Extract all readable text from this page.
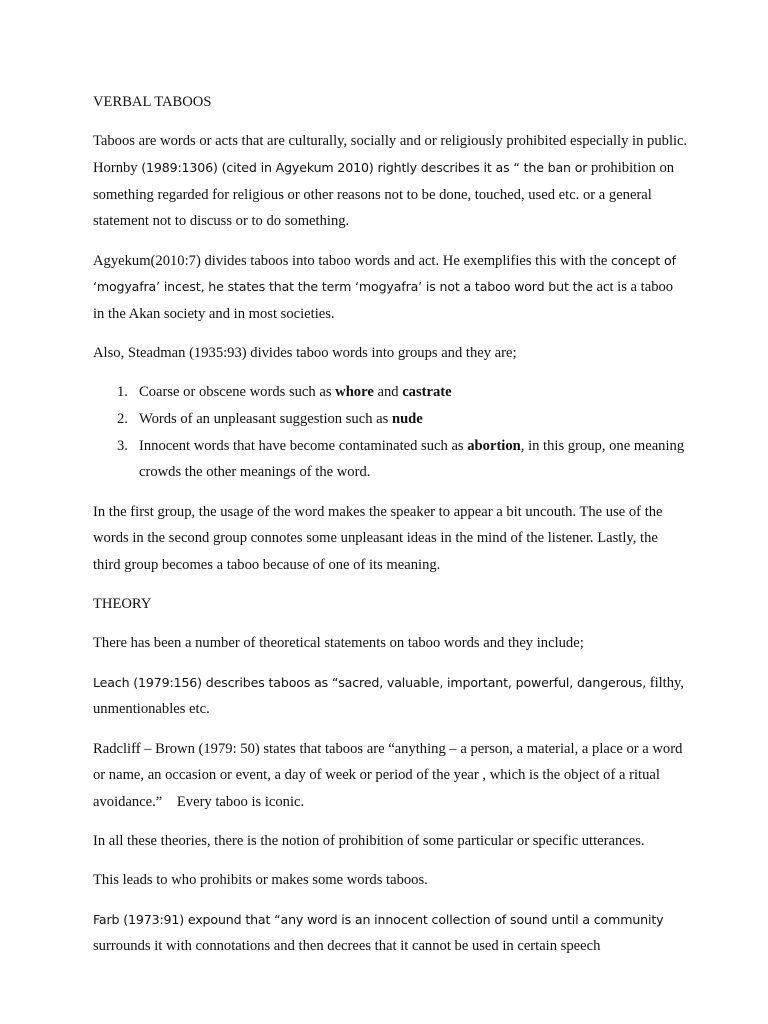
VERBAL TABOOS

Taboos are words or acts that are culturally, socially and or religiously prohibited especially in public. Hornby (1989:1306) (cited in Agyekum 2010) rightly describes it as “ the ban or prohibition on something regarded for religious or other reasons not to be done, touched, used etc. or a general statement not to discuss or to do something.

Agyekum(2010:7) divides taboos into taboo words and act. He exemplifies this with the concept of ‘mogyafra’ incest, he states that the term ‘mogyafra’ is not a taboo word but the act is a taboo in the Akan society and in most societies.

Also, Steadman (1935:93) divides taboo words into groups and they are;

1. Coarse or obscene words such as whore and castrate
2. Words of an unpleasant suggestion such as nude
3. Innocent words that have become contaminated such as abortion, in this group, one meaning crowds the other meanings of the word.

In the first group, the usage of the word makes the speaker to appear a bit uncouth. The use of the words in the second group connotes some unpleasant ideas in the mind of the listener. Lastly, the third group becomes a taboo because of one of its meaning.

THEORY

There has been a number of theoretical statements on taboo words and they include;

Leach (1979:156) describes taboos as “sacred, valuable, important, powerful, dangerous, filthy, unmentionables etc.

Radcliff – Brown (1979: 50) states that taboos are “anything – a person, a material, a place or a word or name, an occasion or event, a day of week or period of the year , which is the object of a ritual avoidance.”    Every taboo is iconic.

In all these theories, there is the notion of prohibition of some particular or specific utterances.

This leads to who prohibits or makes some words taboos.

Farb (1973:91) expound that “any word is an innocent collection of sound until a community surrounds it with connotations and then decrees that it cannot be used in certain speech
